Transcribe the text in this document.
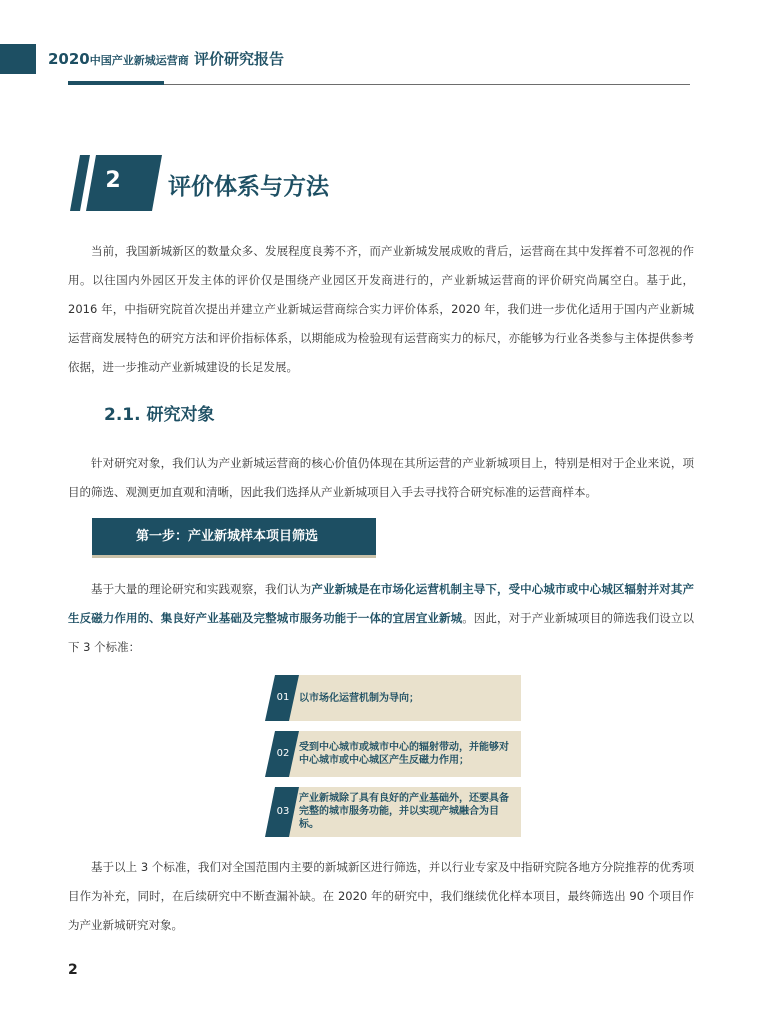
2020中国产业新城运营商 评价研究报告
2	评价体系与方法
当前，我国新城新区的数量众多、发展程度良莠不齐，而产业新城发展成败的背后，运营商在其中发挥着不可忽视的作用。以往国内外园区开发主体的评价仅是围绕产业园区开发商进行的，产业新城运营商的评价研究尚属空白。基于此，2016 年，中指研究院首次提出并建立产业新城运营商综合实力评价体系，2020 年，我们进一步优化适用于国内产业新城运营商发展特色的研究方法和评价指标体系，以期能成为检验现有运营商实力的标尺，亦能够为行业各类参与主体提供参考依据，进一步推动产业新城建设的长足发展。
2.1. 研究对象
针对研究对象，我们认为产业新城运营商的核心价值仍体现在其所运营的产业新城项目上，特别是相对于企业来说，项目的筛选、观测更加直观和清晰，因此我们选择从产业新城项目入手去寻找符合研究标准的运营商样本。
第一步：产业新城样本项目筛选
基于大量的理论研究和实践观察，我们认为产业新城是在市场化运营机制主导下，受中心城市或中心城区辐射并对其产生反磁力作用的、集良好产业基础及完整城市服务功能于一体的宜居宜业新城。因此，对于产业新城项目的筛选我们设立以下 3 个标准：
01 以市场化运营机制为导向；
02
受到中心城市或城市中心的辐射带动，并能够对中心城市或中心城区产生反磁力作用；
03
产业新城除了具有良好的产业基础外，还要具备完整的城市服务功能，并以实现产城融合为目标。
基于以上 3 个标准，我们对全国范围内主要的新城新区进行筛选，并以行业专家及中指研究院各地方分院推荐的优秀项目作为补充，同时，在后续研究中不断查漏补缺。在 2020 年的研究中，我们继续优化样本项目，最终筛选出 90 个项目作为产业新城研究对象。
2
